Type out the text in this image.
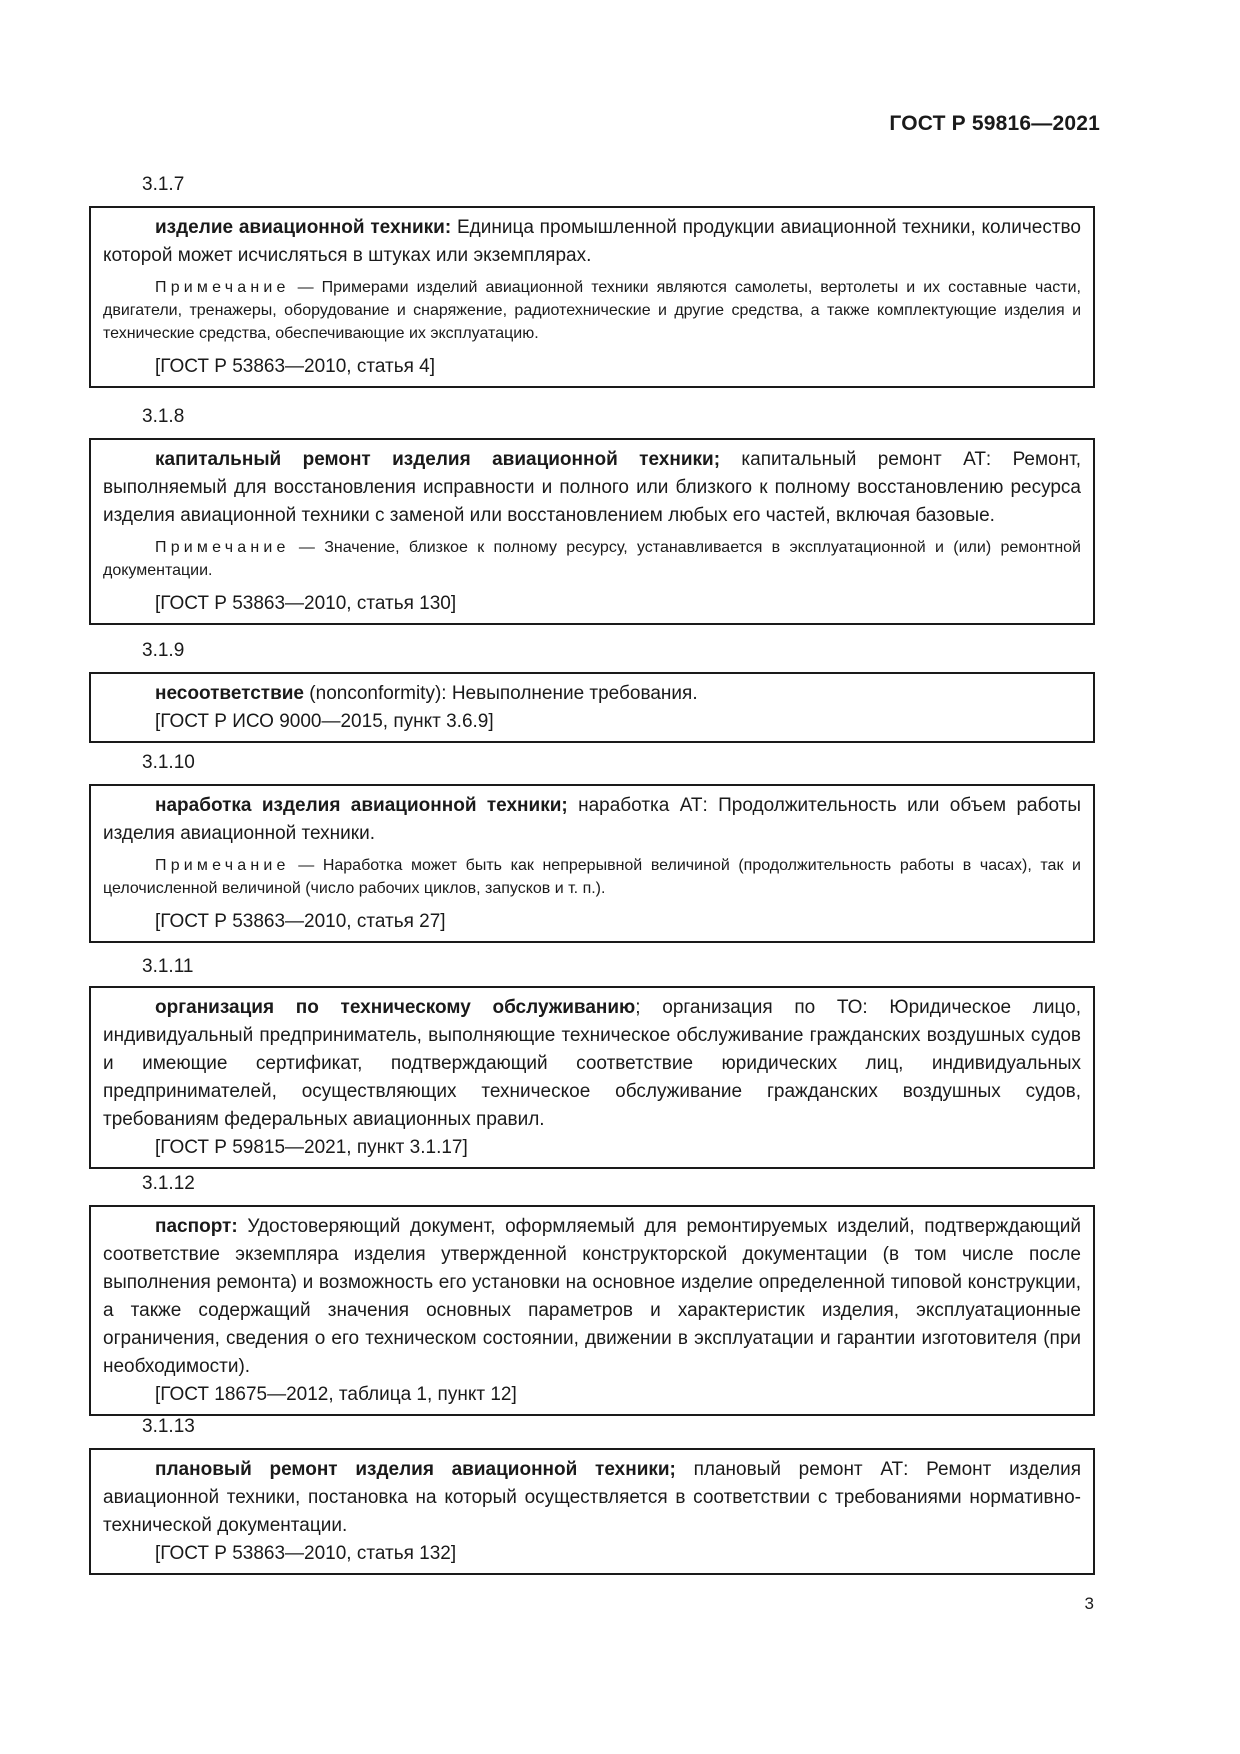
ГОСТ Р 59816—2021
3.1.7

изделие авиационной техники: Единица промышленной продукции авиационной техники, количество которой может исчисляться в штуках или экземплярах.

Примечание — Примерами изделий авиационной техники являются самолеты, вертолеты и их составные части, двигатели, тренажеры, оборудование и снаряжение, радиотехнические и другие средства, а также комплектующие изделия и технические средства, обеспечивающие их эксплуатацию.

[ГОСТ Р 53863—2010, статья 4]

3.1.8

капитальный ремонт изделия авиационной техники; капитальный ремонт АТ: Ремонт, выполняемый для восстановления исправности и полного или близкого к полному восстановлению ресурса изделия авиационной техники с заменой или восстановлением любых его частей, включая базовые.

Примечание — Значение, близкое к полному ресурсу, устанавливается в эксплуатационной и (или) ремонтной документации.

[ГОСТ Р 53863—2010, статья 130]

3.1.9

несоответствие (nonconformity): Невыполнение требования.

[ГОСТ Р ИСО 9000—2015, пункт 3.6.9]

3.1.10

наработка изделия авиационной техники; наработка АТ: Продолжительность или объем работы изделия авиационной техники.

Примечание — Наработка может быть как непрерывной величиной (продолжительность работы в часах), так и целочисленной величиной (число рабочих циклов, запусков и т. п.).

[ГОСТ Р 53863—2010, статья 27]

3.1.11

организация по техническому обслуживанию; организация по ТО: Юридическое лицо, индивидуальный предприниматель, выполняющие техническое обслуживание гражданских воздушных судов и имеющие сертификат, подтверждающий соответствие юридических лиц, индивидуальных предпринимателей, осуществляющих техническое обслуживание гражданских воздушных судов, требованиям федеральных авиационных правил.

[ГОСТ Р 59815—2021, пункт 3.1.17]

3.1.12

паспорт: Удостоверяющий документ, оформляемый для ремонтируемых изделий, подтверждающий соответствие экземпляра изделия утвержденной конструкторской документации (в том числе после выполнения ремонта) и возможность его установки на основное изделие определенной типовой конструкции, а также содержащий значения основных параметров и характеристик изделия, эксплуатационные ограничения, сведения о его техническом состоянии, движении в эксплуатации и гарантии изготовителя (при необходимости).

[ГОСТ 18675—2012, таблица 1, пункт 12]

3.1.13

плановый ремонт изделия авиационной техники; плановый ремонт АТ: Ремонт изделия авиационной техники, постановка на который осуществляется в соответствии с требованиями нормативно-технической документации.

[ГОСТ Р 53863—2010, статья 132]

3
